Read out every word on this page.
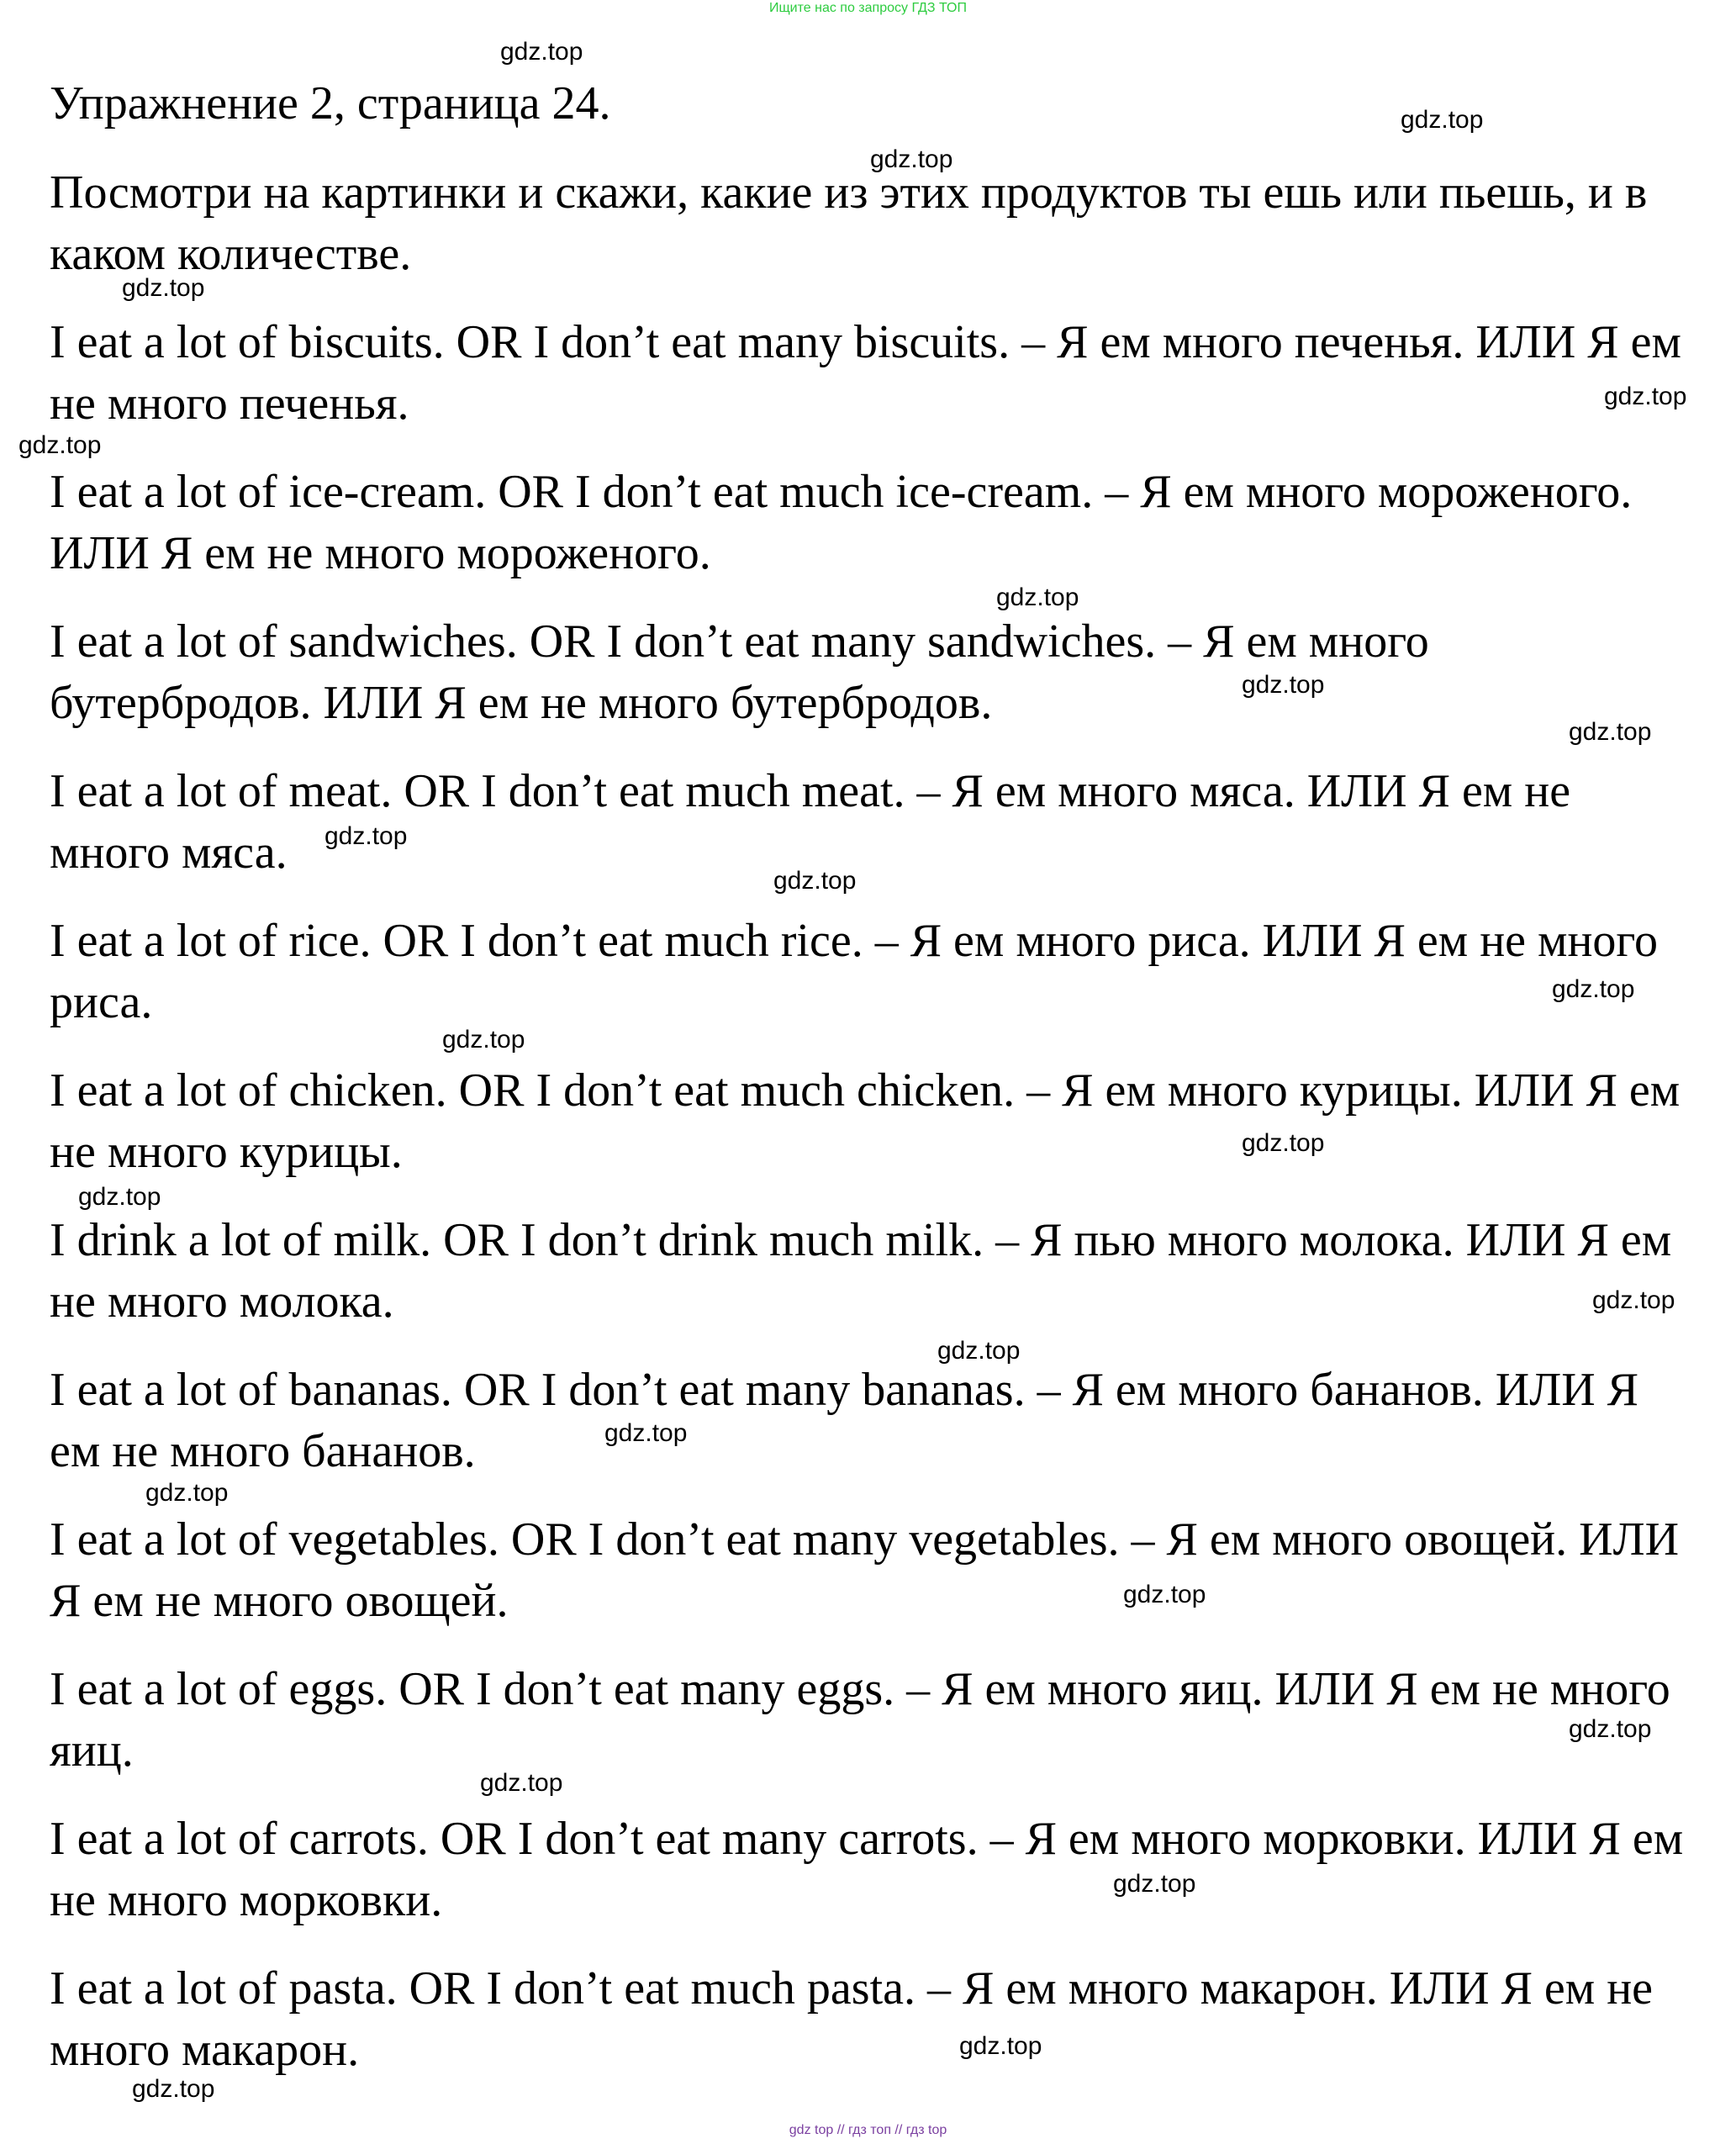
Ищите нас по запросу ГДЗ ТОП
Упражнение 2, страница 24.

Посмотри на картинки и скажи, какие из этих продуктов ты ешь или пьешь, и в каком количестве.

I eat a lot of biscuits. OR I don’t eat many biscuits. – Я ем много печенья. ИЛИ Я ем не много печенья.

I eat a lot of ice-cream. OR I don’t eat much ice-cream. – Я ем много мороженого. ИЛИ Я ем не много мороженого.

I eat a lot of sandwiches. OR I don’t eat many sandwiches. – Я ем много бутербродов. ИЛИ Я ем не много бутербродов.

I eat a lot of meat. OR I don’t eat much meat. – Я ем много мяса. ИЛИ Я ем не много мяса.

I eat a lot of rice. OR I don’t eat much rice. – Я ем много риса. ИЛИ Я ем не много риса.

I eat a lot of chicken. OR I don’t eat much chicken. – Я ем много курицы. ИЛИ Я ем не много курицы.

I drink a lot of milk. OR I don’t drink much milk. – Я пью много молока. ИЛИ Я ем не много молока.

I eat a lot of bananas. OR I don’t eat many bananas. – Я ем много бананов. ИЛИ Я ем не много бананов.

I eat a lot of vegetables. OR I don’t eat many vegetables. – Я ем много овощей. ИЛИ Я ем не много овощей.

I eat a lot of eggs. OR I don’t eat many eggs. – Я ем много яиц. ИЛИ Я ем не много яиц.

I eat a lot of carrots. OR I don’t eat many carrots. – Я ем много морковки. ИЛИ Я ем не много морковки.

I eat a lot of pasta. OR I don’t eat much pasta. – Я ем много макарон. ИЛИ Я ем не много макарон.

gdz.top
gdz.top
gdz.top
gdz.top
gdz.top
gdz.top
gdz.top
gdz.top
gdz.top
gdz.top
gdz.top
gdz.top
gdz.top
gdz.top
gdz.top
gdz.top
gdz.top
gdz.top
gdz.top
gdz.top
gdz.top
gdz.top
gdz.top
gdz.top
gdz.top
gdz top // гдз топ // гдз top
